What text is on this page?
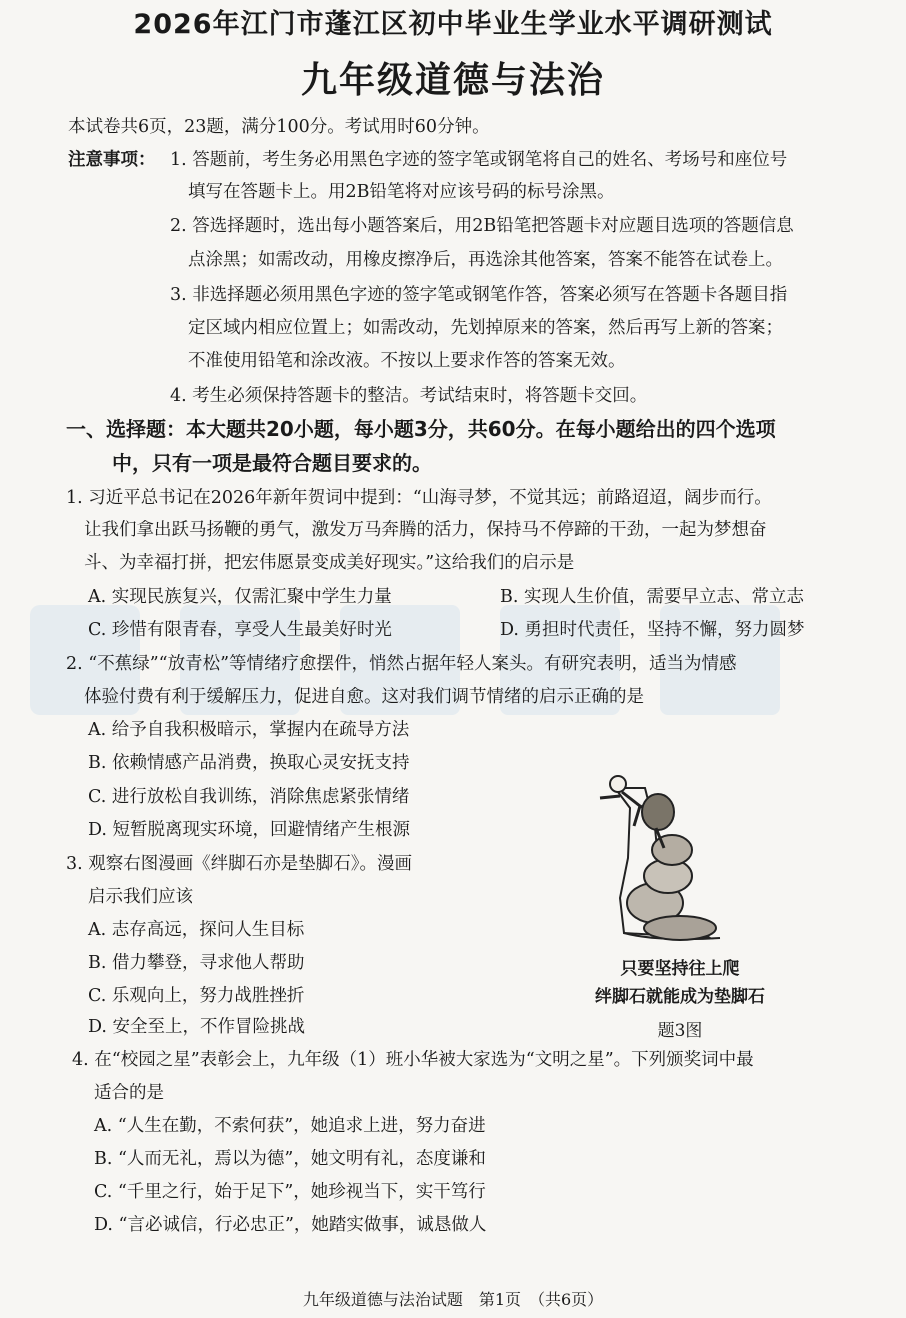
2026年江门市蓬江区初中毕业生学业水平调研测试
九年级道德与法治
本试卷共6页，23题，满分100分。考试用时60分钟。
注意事项： 1. 答题前，考生务必用黑色字迹的签字笔或钢笔将自己的姓名、考场号和座位号
填写在答题卡上。用2B铅笔将对应该号码的标号涂黑。
2. 答选择题时，选出每小题答案后，用2B铅笔把答题卡对应题目选项的答题信息
点涂黑；如需改动，用橡皮擦净后，再选涂其他答案，答案不能答在试卷上。
3. 非选择题必须用黑色字迹的签字笔或钢笔作答，答案必须写在答题卡各题目指
定区域内相应位置上；如需改动，先划掉原来的答案，然后再写上新的答案；
不准使用铅笔和涂改液。不按以上要求作答的答案无效。
4. 考生必须保持答题卡的整洁。考试结束时，将答题卡交回。
一、选择题：本大题共20小题，每小题3分，共60分。在每小题给出的四个选项
中，只有一项是最符合题目要求的。
1. 习近平总书记在2026年新年贺词中提到：“山海寻梦，不觉其远；前路迢迢，阔步而行。
让我们拿出跃马扬鞭的勇气，激发万马奔腾的活力，保持马不停蹄的干劲，一起为梦想奋
斗、为幸福打拼，把宏伟愿景变成美好现实。”这给我们的启示是
A. 实现民族复兴，仅需汇聚中学生力量	B. 实现人生价值，需要早立志、常立志
C. 珍惜有限青春，享受人生最美好时光	D. 勇担时代责任，坚持不懈，努力圆梦
2. “不蕉绿”“放青松”等情绪疗愈摆件，悄然占据年轻人案头。有研究表明，适当为情感
体验付费有利于缓解压力，促进自愈。这对我们调节情绪的启示正确的是
A. 给予自我积极暗示，掌握内在疏导方法
B. 依赖情感产品消费，换取心灵安抚支持
C. 进行放松自我训练，消除焦虑紧张情绪
D. 短暂脱离现实环境，回避情绪产生根源
3. 观察右图漫画《绊脚石亦是垫脚石》。漫画
启示我们应该
A. 志存高远，探问人生目标
B. 借力攀登，寻求他人帮助
C. 乐观向上，努力战胜挫折
D. 安全至上，不作冒险挑战
只要坚持往上爬
绊脚石就能成为垫脚石
题3图
4. 在“校园之星”表彰会上，九年级（1）班小华被大家选为“文明之星”。下列颁奖词中最
适合的是
A. “人生在勤，不索何获”，她追求上进，努力奋进
B. “人而无礼，焉以为德”，她文明有礼，态度谦和
C. “千里之行，始于足下”，她珍视当下，实干笃行
D. “言必诚信，行必忠正”，她踏实做事，诚恳做人
九年级道德与法治试题　第1页　（共6页）
